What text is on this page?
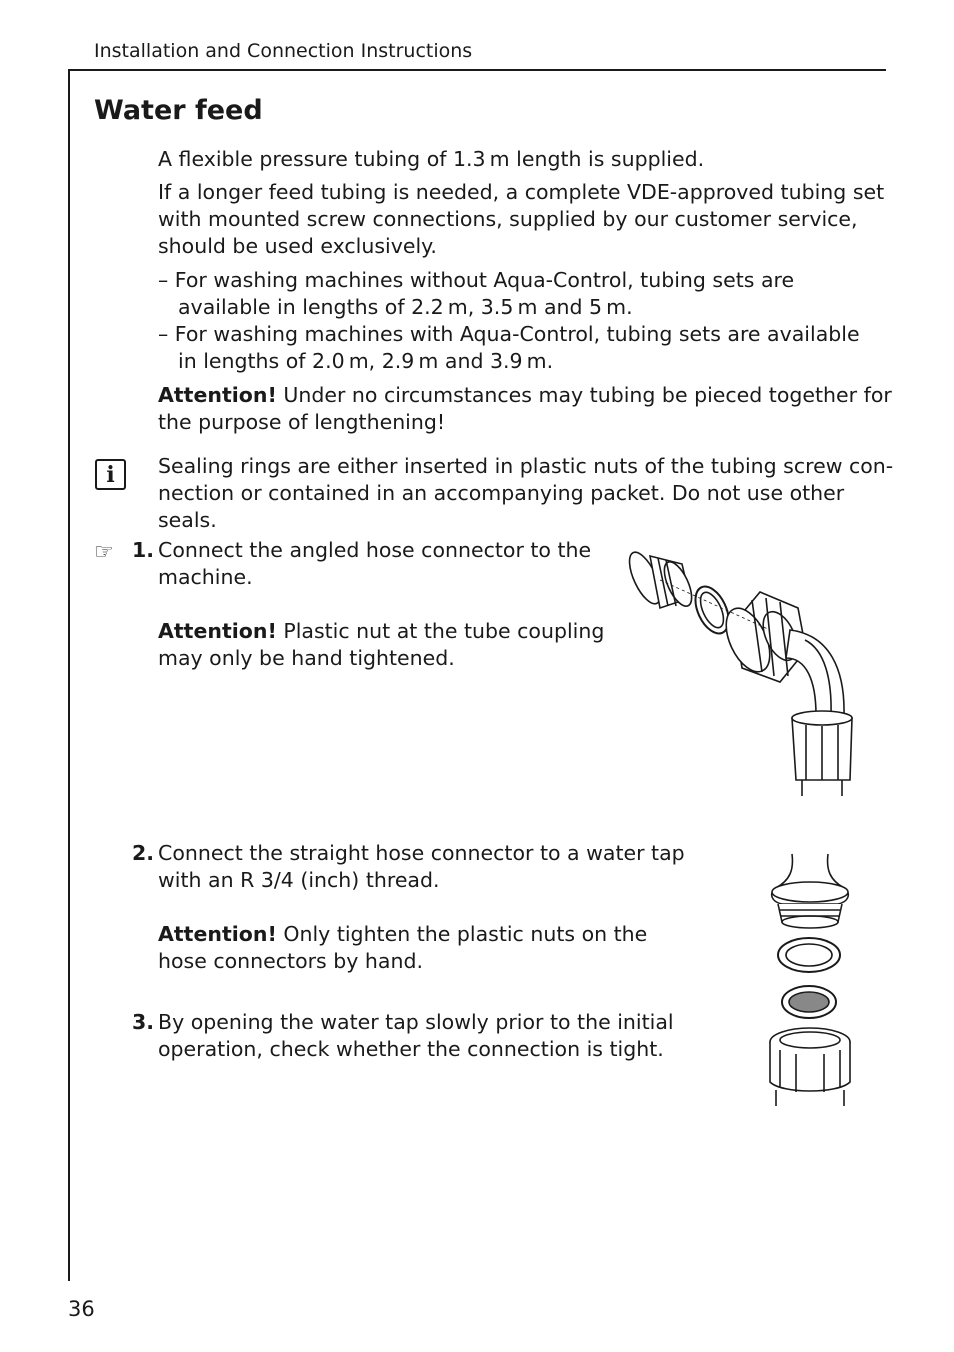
Installation and Connection Instructions
Water feed
A flexible pressure tubing of 1.3 m length is supplied.
If a longer feed tubing is needed, a complete VDE-approved tubing set
with mounted screw connections, supplied by our customer service,
should be used exclusively.
– For washing machines without Aqua-Control, tubing sets are
available in lengths of 2.2 m, 3.5 m and 5 m.
– For washing machines with Aqua-Control, tubing sets are available
in lengths of 2.0 m, 2.9 m and 3.9 m.
Attention! Under no circumstances may tubing be pieced together for
the purpose of lengthening!
i	Sealing rings are either inserted in plastic nuts of the tubing screw con-
nection or contained in an accompanying packet. Do not use other
seals.
☞ 1. Connect the angled hose connector to the
machine.
Attention! Plastic nut at the tube coupling
may only be hand tightened.
2. Connect the straight hose connector to a water tap
with an R 3/4 (inch) thread.
Attention! Only tighten the plastic nuts on the
hose connectors by hand.
3. By opening the water tap slowly prior to the initial
operation, check whether the connection is tight.
36
